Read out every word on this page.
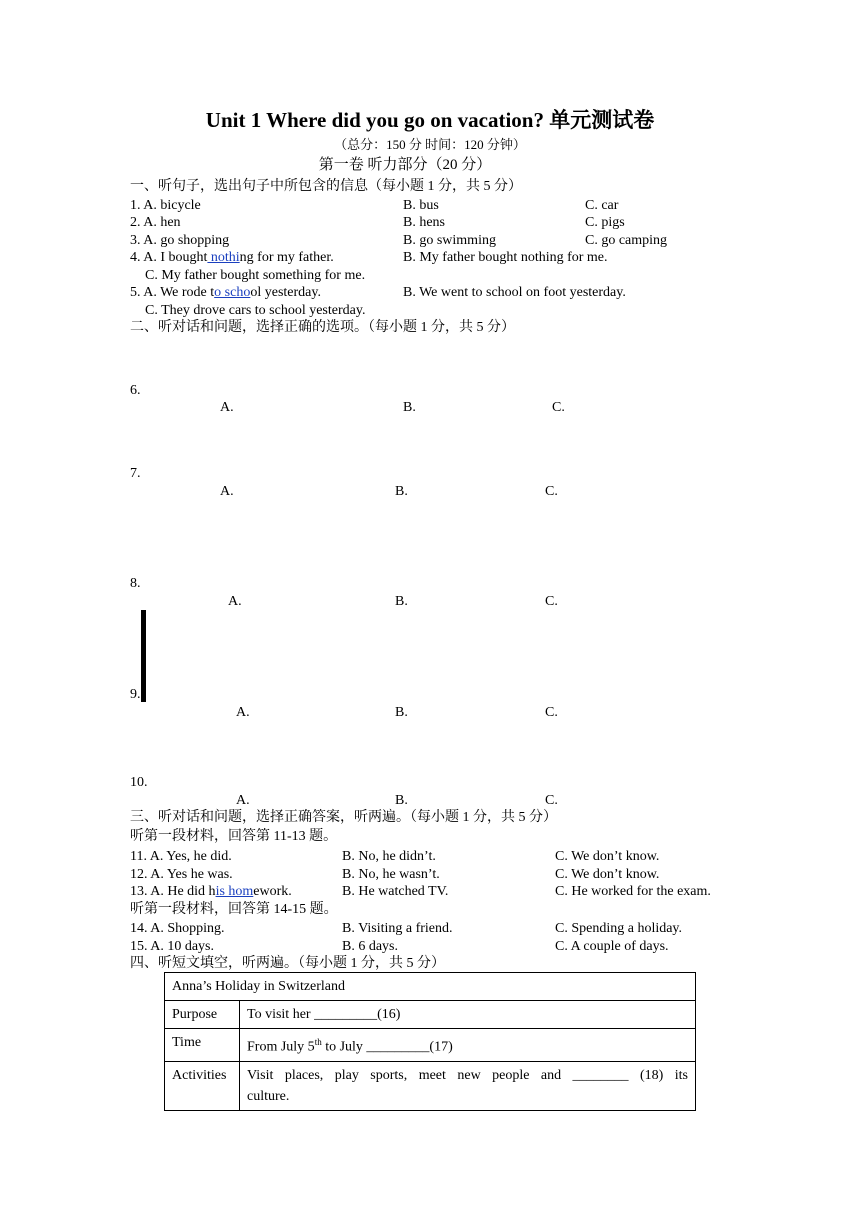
Unit 1 Where did you go on vacation? 单元测试卷
（总分：150 分 时间：120 分钟）
第一卷 听力部分（20 分）
一、听句子，选出句子中所包含的信息（每小题 1 分，共 5 分）
1. A. bicycle	B. bus	C. car
2. A. hen	B. hens	C. pigs
3. A. go shopping	B. go swimming	C. go camping
4. A. I bought nothing for my father.	B. My father bought nothing for me.
C. My father bought something for me.
5. A. We rode to school yesterday.	B. We went to school on foot yesterday.
C. They drove cars to school yesterday.
二、听对话和问题，选择正确的选项。（每小题 1 分，共 5 分）
6.
A.	B.	C.
7.
A.	B.	C.
8.
A.	B.	C.
9.
A.	B.	C.
10.
A.	B.	C.
三、听对话和问题，选择正确答案，听两遍。（每小题 1 分，共 5 分）
听第一段材料，回答第 11-13 题。
11. A. Yes, he did.	B. No, he didn’t.	C. We don’t know.
12. A. Yes he was.	B. No, he wasn’t.	C. We don’t know.
13. A. He did his homework.	B. He watched TV.	C. He worked for the exam.
听第一段材料，回答第 14-15 题。
14. A. Shopping.	B. Visiting a friend.	C. Spending a holiday.
15. A. 10 days.	B. 6 days.	C. A couple of days.
四、听短文填空，听两遍。（每小题 1 分，共 5 分）
Anna’s Holiday in Switzerland	
Purpose	To visit her _________(16)
Time	From July 5th to July _________(17)
Activities	Visit places, play sports, meet new people and ________ (18) its culture.
